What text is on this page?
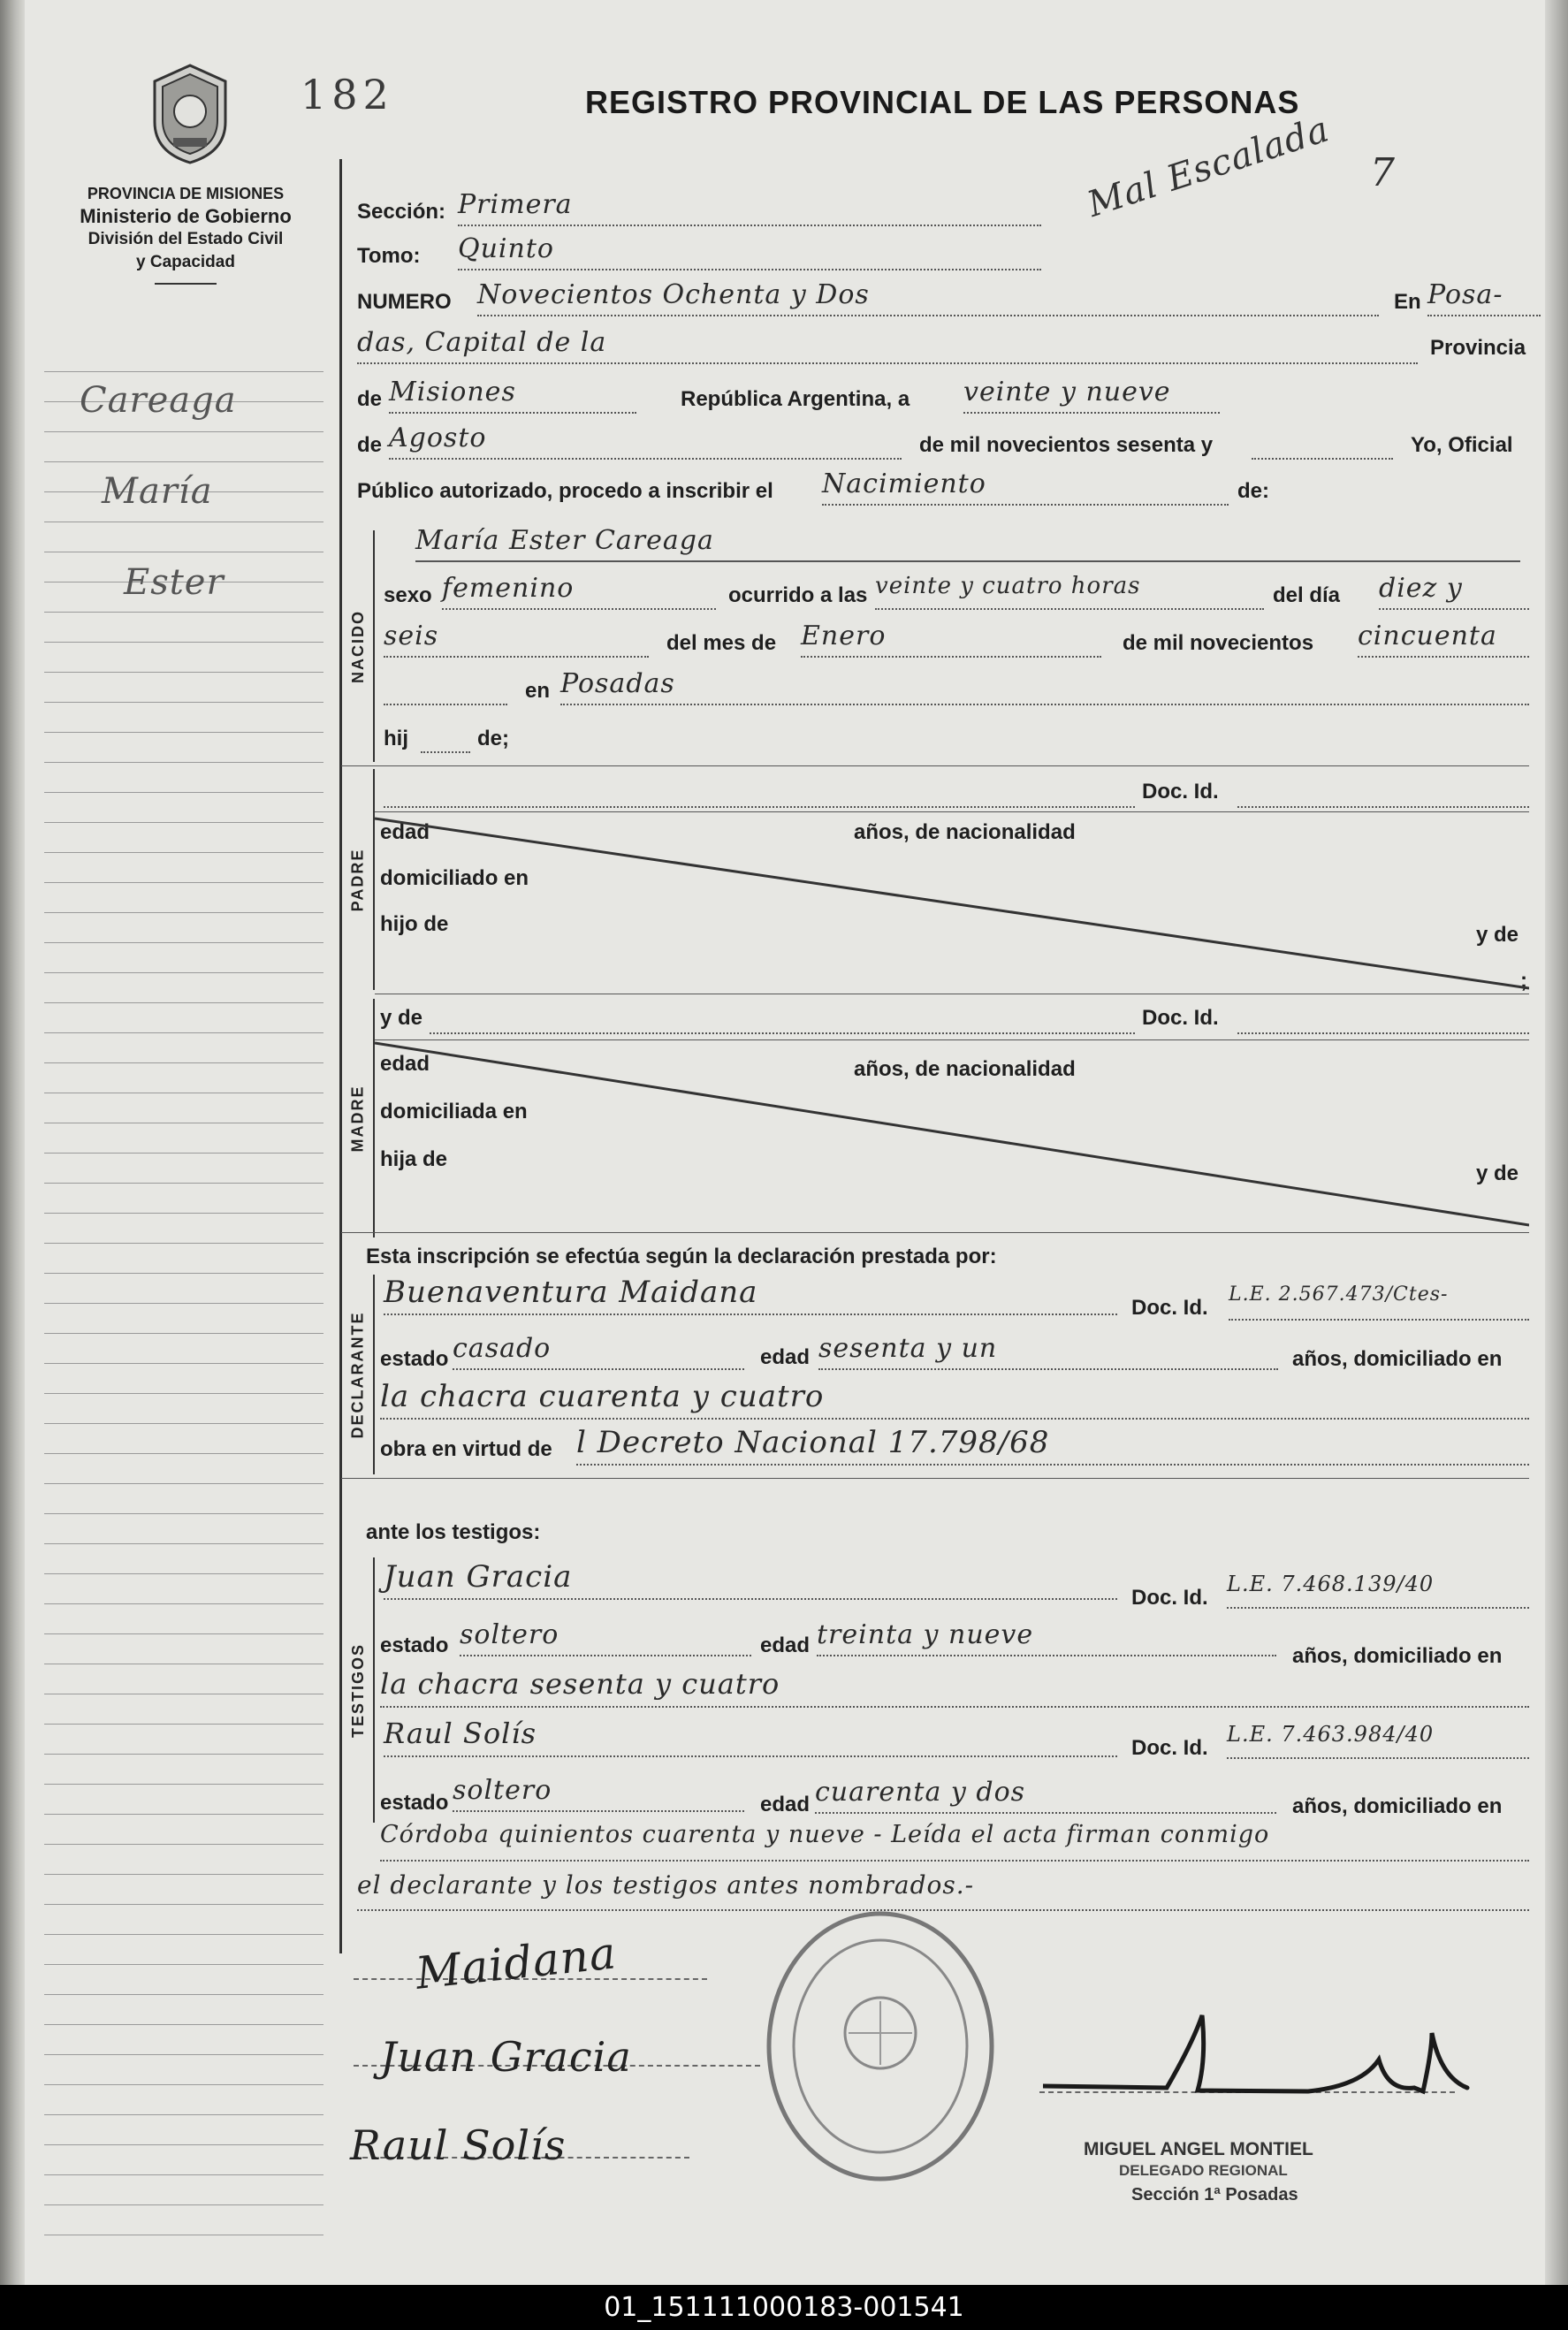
182	REGISTRO PROVINCIAL DE LAS PERSONAS
PROVINCIA DE MISIONES
Ministerio de Gobierno
División del Estado Civil
y Capacidad
Careaga
María
Ester
Sección: Primera
Tomo: Quinto
NUMERO Novecientos Ochenta y Dos	En Posa-
das, Capital de la	Provincia
de Misiones	República Argentina, a veinte y nueve
de Agosto	de mil novecientos sesenta y	Yo, Oficial
Público autorizado, procedo a inscribir el Nacimiento	de:
Mal Escalada 7
NACIDO
María Ester Careaga
sexo femenino	ocurrido a las veinte y cuatro horas	del día diez y
seis	del mes de Enero	de mil novecientos cincuenta
en Posadas
hij	de;
PADRE
Doc. Id.
edad	años, de nacionalidad
domiciliado en
hijo de	y de
;
MADRE
y de	Doc. Id.
edad	años, de nacionalidad
domiciliada en
hija de
y de
Esta inscripción se efectúa según la declaración prestada por:
DECLARANTE
Buenaventura Maidana	Doc. Id.
L.E. 2.567.473/Ctes-
estado casado	edad sesenta y un	años, domiciliado en
la chacra cuarenta y cuatro
obra en virtud de l Decreto Nacional 17.798/68
ante los testigos:
TESTIGOS
Juan Gracia
Doc. Id.
L.E. 7.468.139/40
estado soltero	edad treinta y nueve
años, domiciliado en
la chacra sesenta y cuatro
Raul Solís	Doc. Id.
L.E. 7.463.984/40
estado soltero	edad cuarenta y dos	años, domiciliado en
Córdoba quinientos cuarenta y nueve - Leída el acta firman conmigo
el declarante y los testigos antes nombrados.-
Maidana
Juan Gracia
Raul Solís	MIGUEL ANGEL MONTIEL
DELEGADO REGIONAL
Sección 1ª Posadas
01_151111000183-001541
